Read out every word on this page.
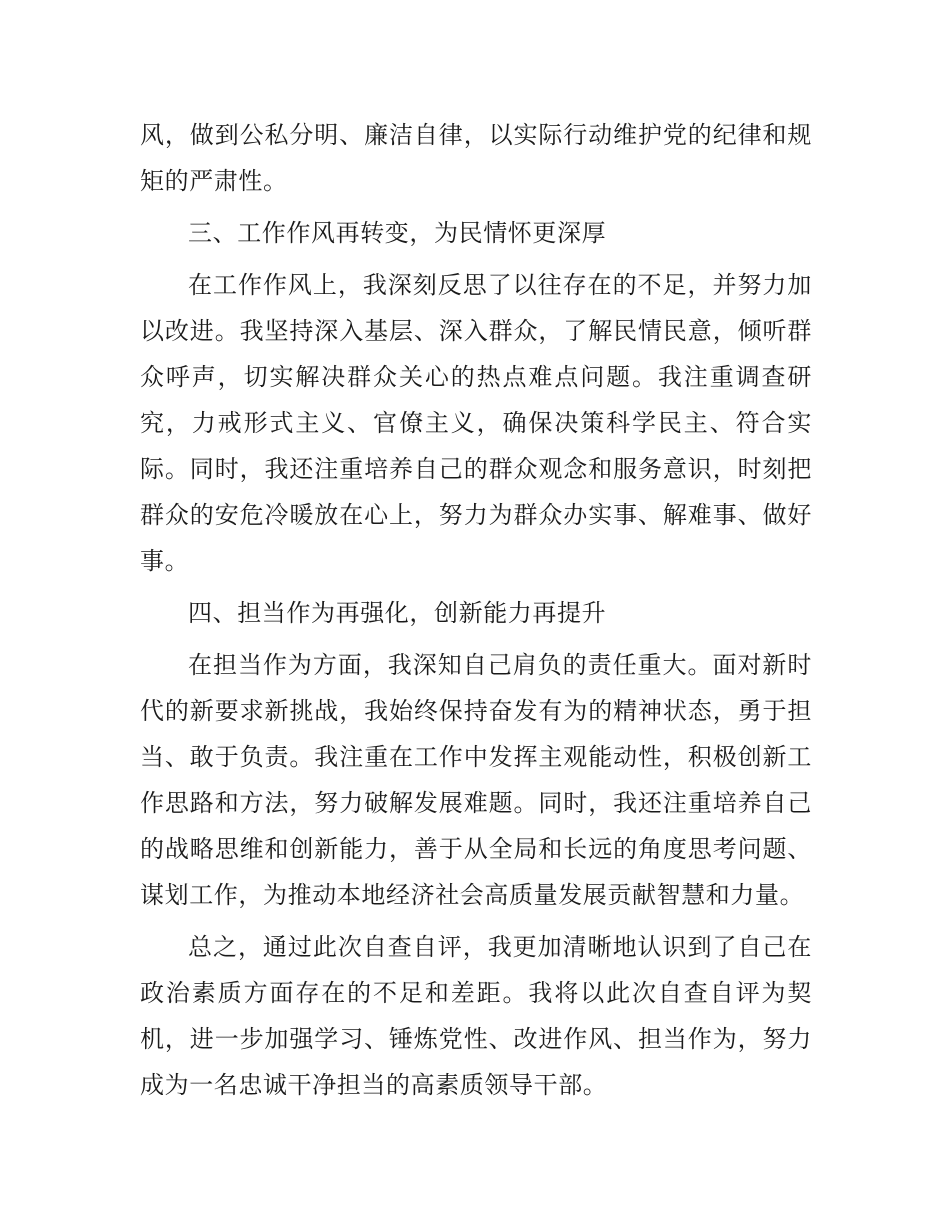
风，做到公私分明、廉洁自律，以实际行动维护党的纪律和规矩的严肃性。

三、工作作风再转变，为民情怀更深厚

在工作作风上，我深刻反思了以往存在的不足，并努力加以改进。我坚持深入基层、深入群众，了解民情民意，倾听群众呼声，切实解决群众关心的热点难点问题。我注重调查研究，力戒形式主义、官僚主义，确保决策科学民主、符合实际。同时，我还注重培养自己的群众观念和服务意识，时刻把群众的安危冷暖放在心上，努力为群众办实事、解难事、做好事。

四、担当作为再强化，创新能力再提升

在担当作为方面，我深知自己肩负的责任重大。面对新时代的新要求新挑战，我始终保持奋发有为的精神状态，勇于担当、敢于负责。我注重在工作中发挥主观能动性，积极创新工作思路和方法，努力破解发展难题。同时，我还注重培养自己的战略思维和创新能力，善于从全局和长远的角度思考问题、谋划工作，为推动本地经济社会高质量发展贡献智慧和力量。

总之，通过此次自查自评，我更加清晰地认识到了自己在政治素质方面存在的不足和差距。我将以此次自查自评为契机，进一步加强学习、锤炼党性、改进作风、担当作为，努力成为一名忠诚干净担当的高素质领导干部。
